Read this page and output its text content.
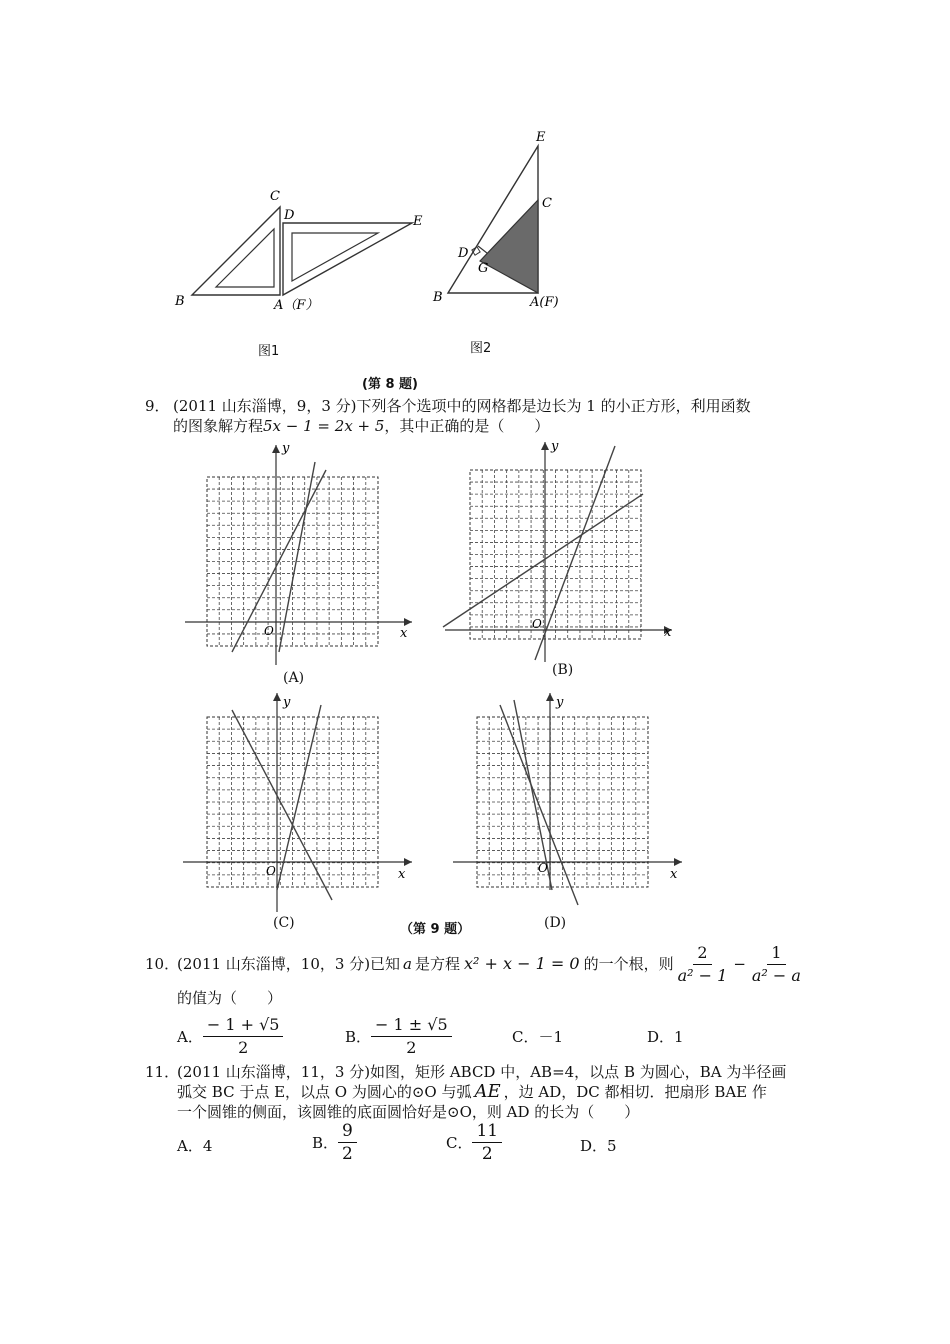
C
D	E
B	A（F）
图1
E
C
D
G
B	A(F)
图2
(第 8 题)
9． (2011 山东淄博，9，3 分)下列各个选项中的网格都是边长为 1 的小正方形，利用函数
的图象解方程5x − 1 = 2x + 5，其中正确的是（　　）
y
x
O
(A)
y
x
O
(B)
y
x
O
(C)
y
x
O
(D)
（第 9 题）
10．
(2011 山东淄博，10，3 分)已知 a 是方程 x² + x − 1 = 0 的一个根，则 $\frac{2}{\text{a² − 1}} - \frac{1}{\text{a² − a}}$
的值为（　　）
A． $\frac{- 1 + √5}{2}$	B． $\frac{- 1 \pm √5}{2}$	C．－1	D．1
11．(2011 山东淄博，11，3 分)如图，矩形 ABCD 中，AB=4，以点 B 为圆心，BA 为半径画
弧交 BC 于点 E，以点 O 为圆心的⊙O 与弧 AE ，边 AD，DC 都相切．把扇形 BAE 作
一个圆锥的侧面，该圆锥的底面圆恰好是⊙O，则 AD 的长为（　　）
A．4	B． $\frac{9}{2}$	C． $\frac{11}{2}$	D．5
